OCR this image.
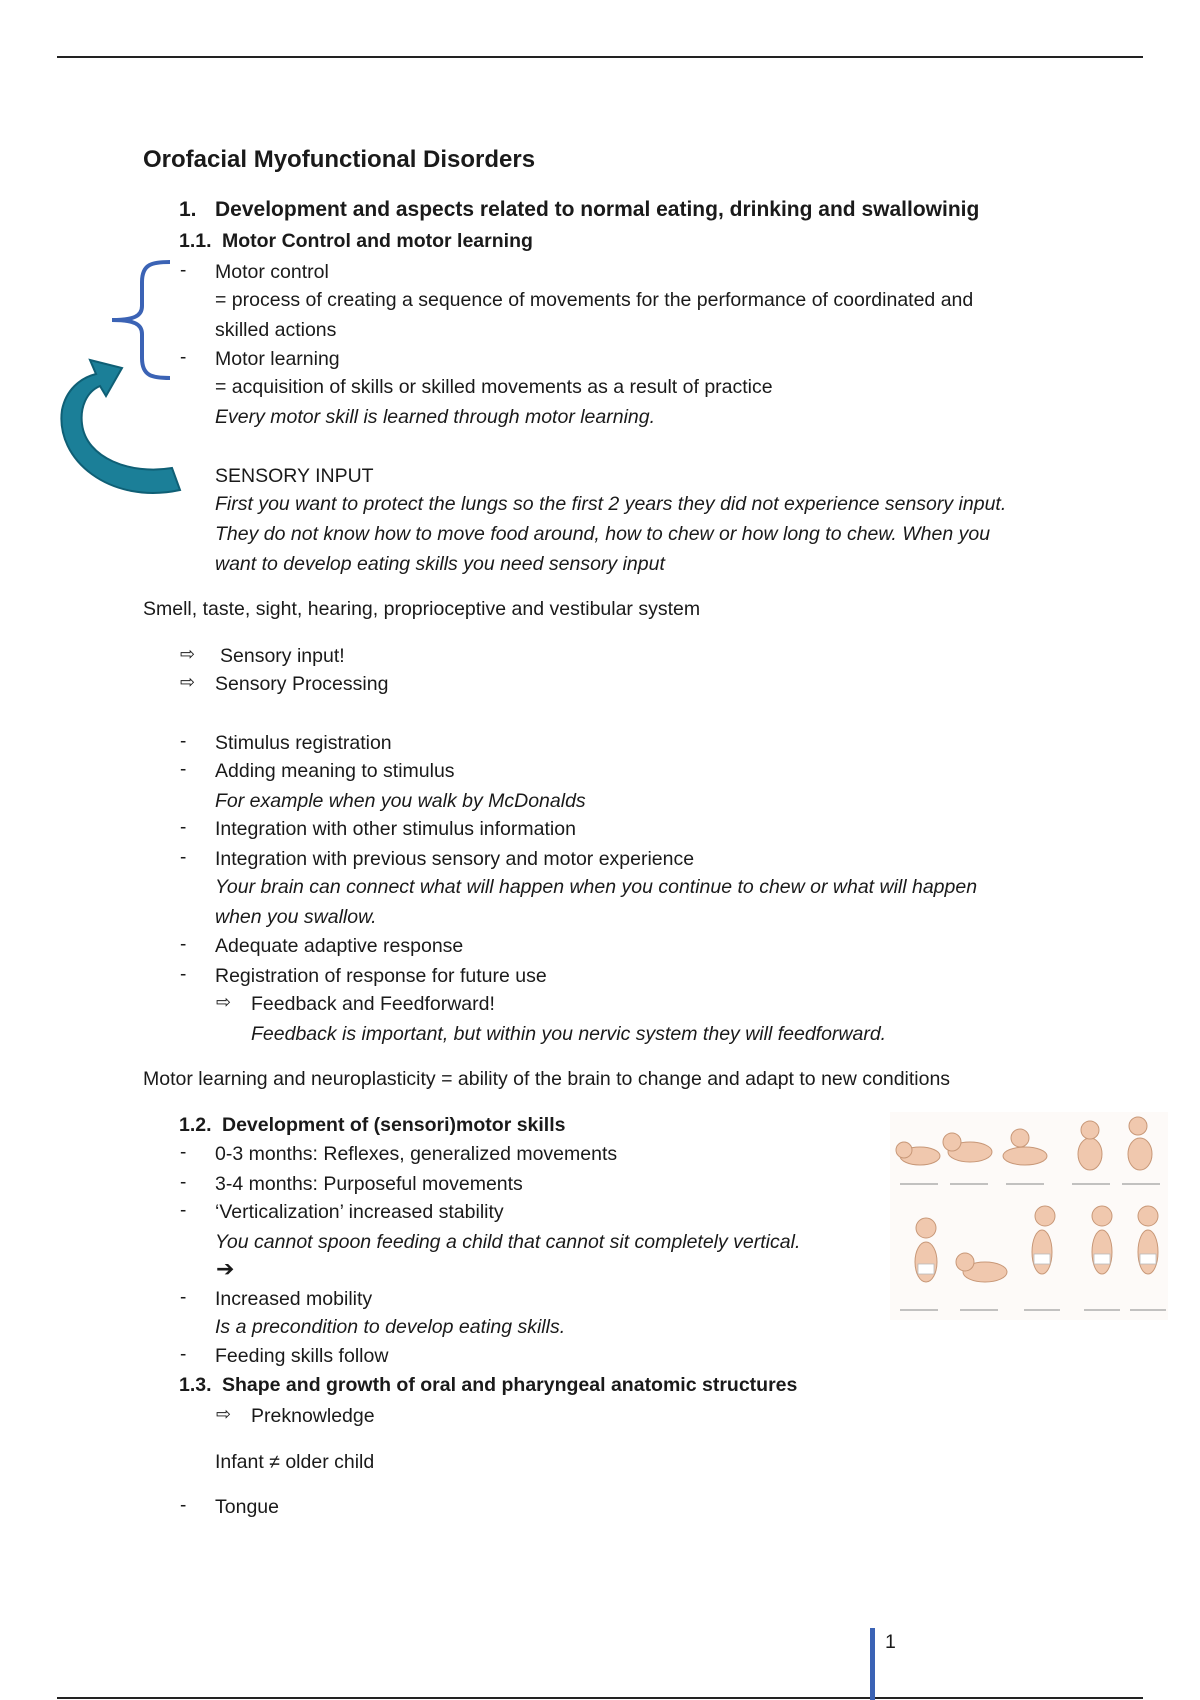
Orofacial Myofunctional Disorders
1. Development and aspects related to normal eating, drinking and swallowinig
1.1. Motor Control and motor learning
- Motor control
= process of creating a sequence of movements for the performance of coordinated and
skilled actions
- Motor learning
= acquisition of skills or skilled movements as a result of practice
Every motor skill is learned through motor learning.
SENSORY INPUT
First you want to protect the lungs so the first 2 years they did not experience sensory input.
They do not know how to move food around, how to chew or how long to chew. When you
want to develop eating skills you need sensory input
Smell, taste, sight, hearing, proprioceptive and vestibular system
⇨ Sensory input!
⇨ Sensory Processing
- Stimulus registration
- Adding meaning to stimulus
For example when you walk by McDonalds
- Integration with other stimulus information
- Integration with previous sensory and motor experience
Your brain can connect what will happen when you continue to chew or what will happen
when you swallow.
- Adequate adaptive response
- Registration of response for future use
⇨ Feedback and Feedforward!
Feedback is important, but within you nervic system they will feedforward.
Motor learning and neuroplasticity = ability of the brain to change and adapt to new conditions
1.2. Development of (sensori)motor skills
- 0-3 months: Reflexes, generalized movements
- 3-4 months: Purposeful movements
- ‘Verticalization’ increased stability
You cannot spoon feeding a child that cannot sit completely vertical.
➔
- Increased mobility
Is a precondition to develop eating skills.
- Feeding skills follow
1.3. Shape and growth of oral and pharyngeal anatomic structures
⇨ Preknowledge
Infant ≠ older child
- Tongue
1
